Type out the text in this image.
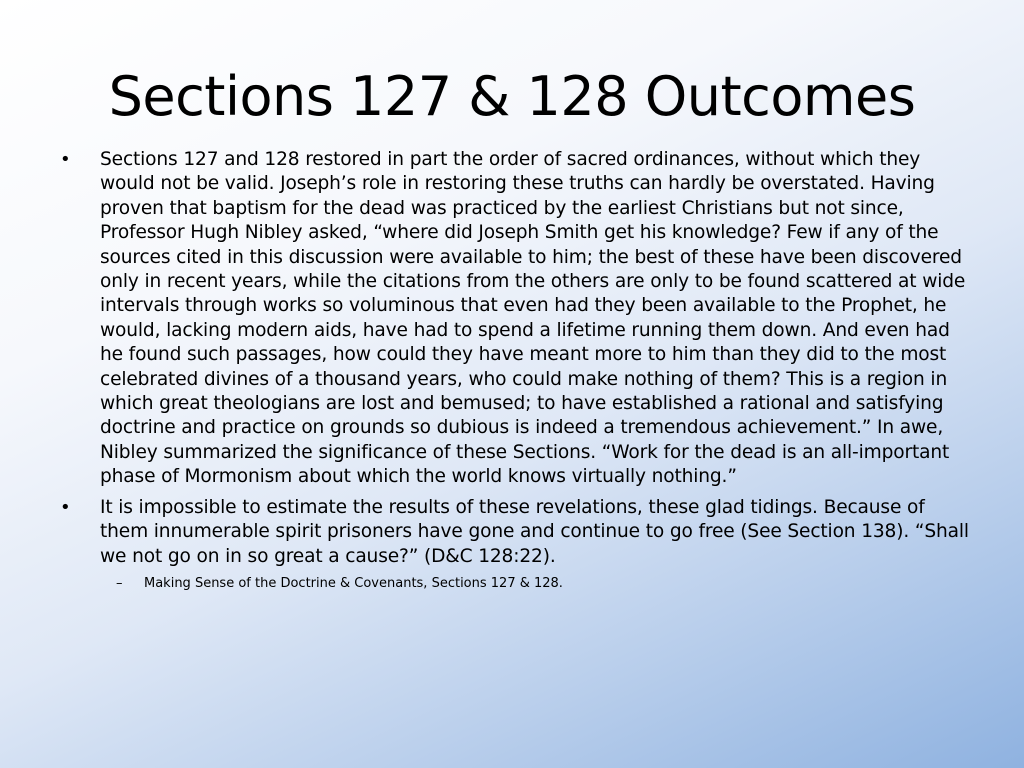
Sections 127 & 128 Outcomes
• Sections 127 and 128 restored in part the order of sacred ordinances, without which they would not be valid. Joseph’s role in restoring these truths can hardly be overstated. Having proven that baptism for the dead was practiced by the earliest Christians but not since, Professor Hugh Nibley asked, “where did Joseph Smith get his knowledge? Few if any of the sources cited in this discussion were available to him; the best of these have been discovered only in recent years, while the citations from the others are only to be found scattered at wide intervals through works so voluminous that even had they been available to the Prophet, he would, lacking modern aids, have had to spend a lifetime running them down. And even had he found such passages, how could they have meant more to him than they did to the most celebrated divines of a thousand years, who could make nothing of them? This is a region in which great theologians are lost and bemused; to have established a rational and satisfying doctrine and practice on grounds so dubious is indeed a tremendous achievement.” In awe, Nibley summarized the significance of these Sections. “Work for the dead is an all-important phase of Mormonism about which the world knows virtually nothing.”
• It is impossible to estimate the results of these revelations, these glad tidings. Because of them innumerable spirit prisoners have gone and continue to go free (See Section 138). “Shall we not go on in so great a cause?” (D&C 128:22).
– Making Sense of the Doctrine & Covenants, Sections 127 & 128.
